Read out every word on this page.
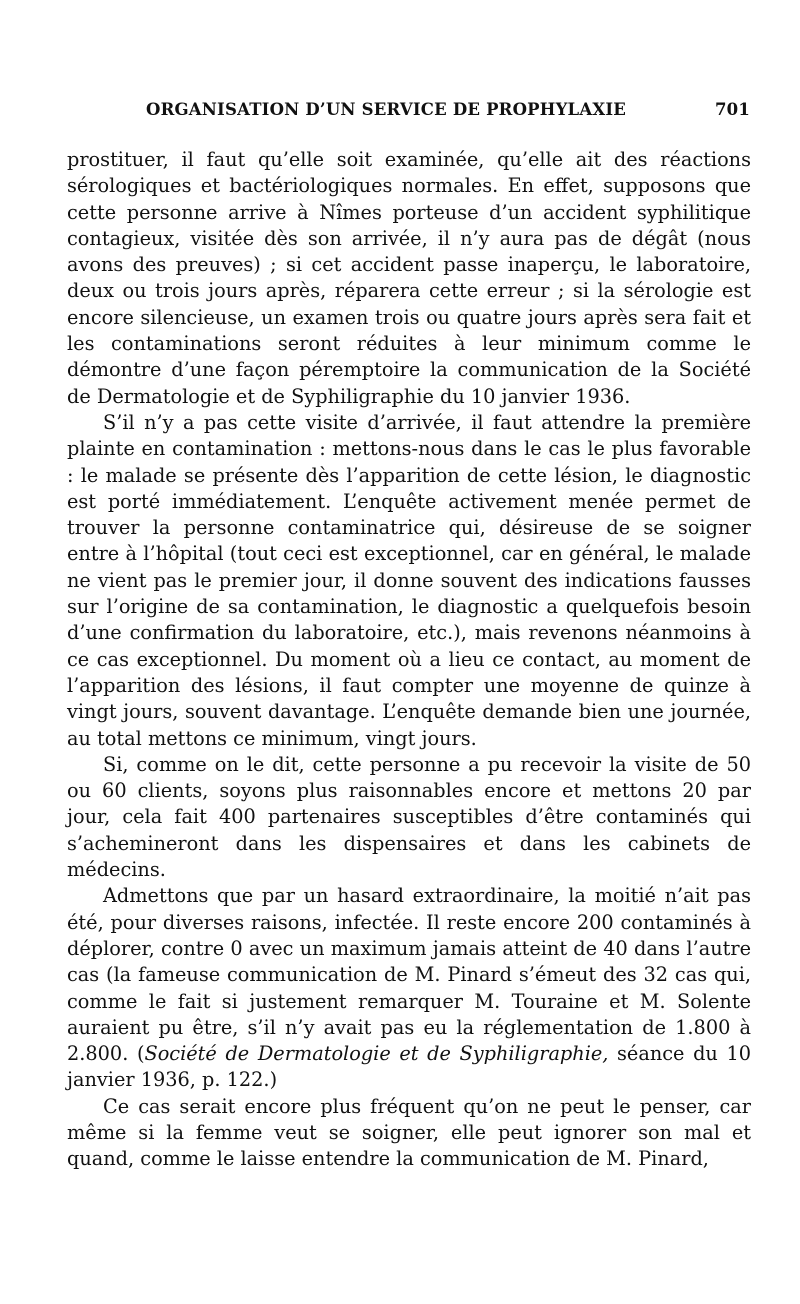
ORGANISATION D’UN SERVICE DE PROPHYLAXIE	701

prostituer, il faut qu’elle soit examinée, qu’elle ait des réactions sérologiques et bactériologiques normales. En effet, supposons que cette personne arrive à Nîmes porteuse d’un accident syphilitique contagieux, visitée dès son arrivée, il n’y aura pas de dégât (nous avons des preuves) ; si cet accident passe inaperçu, le laboratoire, deux ou trois jours après, réparera cette erreur ; si la sérologie est encore silencieuse, un examen trois ou quatre jours après sera fait et les contaminations seront réduites à leur minimum comme le démontre d’une façon péremptoire la communication de la Société de Dermatologie et de Syphiligraphie du 10 janvier 1936.

S’il n’y a pas cette visite d’arrivée, il faut attendre la première plainte en contamination : mettons-nous dans le cas le plus favorable : le malade se présente dès l’apparition de cette lésion, le diagnostic est porté immédiatement. L’enquête activement menée permet de trouver la personne contaminatrice qui, désireuse de se soigner entre à l’hôpital (tout ceci est exceptionnel, car en général, le malade ne vient pas le premier jour, il donne souvent des indications fausses sur l’origine de sa contamination, le diagnostic a quelquefois besoin d’une confirmation du laboratoire, etc.), mais revenons néanmoins à ce cas exceptionnel. Du moment où a lieu ce contact, au moment de l’apparition des lésions, il faut compter une moyenne de quinze à vingt jours, souvent davantage. L’enquête demande bien une journée, au total mettons ce minimum, vingt jours.

Si, comme on le dit, cette personne a pu recevoir la visite de 50 ou 60 clients, soyons plus raisonnables encore et mettons 20 par jour, cela fait 400 partenaires susceptibles d’être contaminés qui s’achemineront dans les dispensaires et dans les cabinets de médecins.

Admettons que par un hasard extraordinaire, la moitié n’ait pas été, pour diverses raisons, infectée. Il reste encore 200 contaminés à déplorer, contre 0 avec un maximum jamais atteint de 40 dans l’autre cas (la fameuse communication de M. Pinard s’émeut des 32 cas qui, comme le fait si justement remarquer M. Touraine et M. Solente auraient pu être, s’il n’y avait pas eu la réglementation de 1.800 à 2.800. (Société de Dermatologie et de Syphiligraphie, séance du 10 janvier 1936, p. 122.)

Ce cas serait encore plus fréquent qu’on ne peut le penser, car même si la femme veut se soigner, elle peut ignorer son mal et quand, comme le laisse entendre la communication de M. Pinard,
